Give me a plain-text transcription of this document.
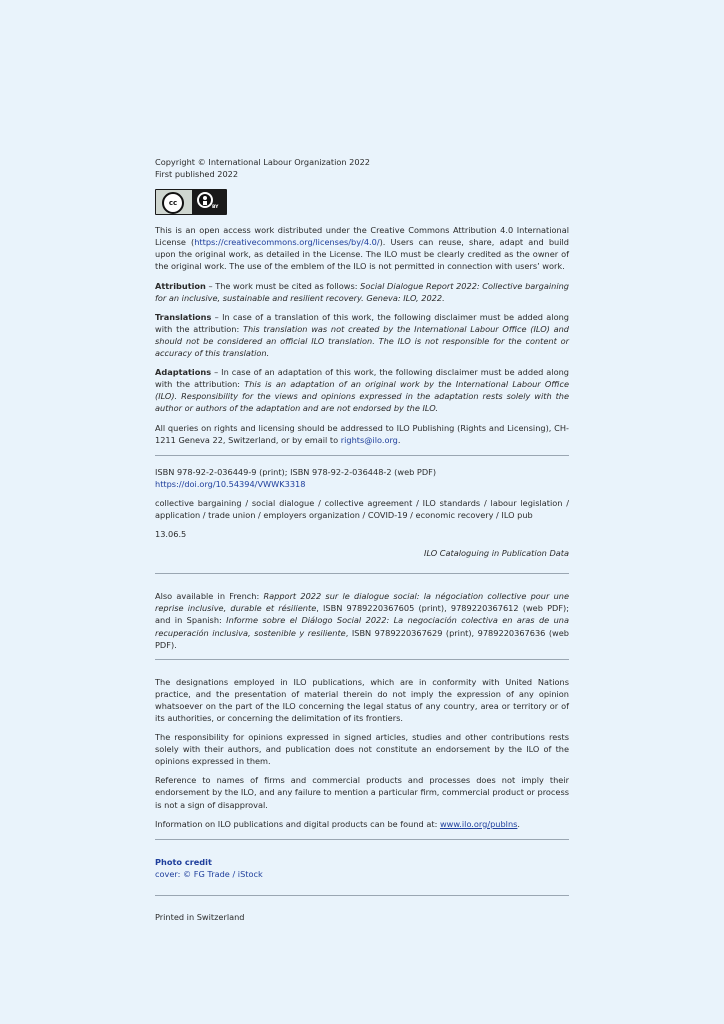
Copyright © International Labour Organization 2022

First published 2022

cc
BY

This is an open access work distributed under the Creative Commons Attribution 4.0 International License (https://creativecommons.org/licenses/by/4.0/). Users can reuse, share, adapt and build upon the original work, as detailed in the License. The ILO must be clearly credited as the owner of the original work. The use of the emblem of the ILO is not permitted in connection with users’ work.

Attribution – The work must be cited as follows: Social Dialogue Report 2022: Collective bargaining for an inclusive, sustainable and resilient recovery. Geneva: ILO, 2022.

Translations – In case of a translation of this work, the following disclaimer must be added along with the attribution: This translation was not created by the International Labour Office (ILO) and should not be considered an official ILO translation. The ILO is not responsible for the content or accuracy of this translation.

Adaptations – In case of an adaptation of this work, the following disclaimer must be added along with the attribution: This is an adaptation of an original work by the International Labour Office (ILO). Responsibility for the views and opinions expressed in the adaptation rests solely with the author or authors of the adaptation and are not endorsed by the ILO.

All queries on rights and licensing should be addressed to ILO Publishing (Rights and Licensing), CH-1211 Geneva 22, Switzerland, or by email to rights@ilo.org.

ISBN 978-92-2-036449-9 (print); ISBN 978-92-2-036448-2 (web PDF)

https://doi.org/10.54394/VWWK3318

collective bargaining / social dialogue / collective agreement / ILO standards / labour legislation / application / trade union / employers organization / COVID-19 / economic recovery / ILO pub

13.06.5

ILO Cataloguing in Publication Data

Also available in French: Rapport 2022 sur le dialogue social: la négociation collective pour une reprise inclusive, durable et résiliente, ISBN 9789220367605 (print), 9789220367612 (web PDF); and in Spanish: Informe sobre el Diálogo Social 2022: La negociación colectiva en aras de una recuperación inclusiva, sostenible y resiliente, ISBN 9789220367629 (print), 9789220367636 (web PDF).

The designations employed in ILO publications, which are in conformity with United Nations practice, and the presentation of material therein do not imply the expression of any opinion whatsoever on the part of the ILO concerning the legal status of any country, area or territory or of its authorities, or concerning the delimitation of its frontiers.

The responsibility for opinions expressed in signed articles, studies and other contributions rests solely with their authors, and publication does not constitute an endorsement by the ILO of the opinions expressed in them.

Reference to names of firms and commercial products and processes does not imply their endorsement by the ILO, and any failure to mention a particular firm, commercial product or process is not a sign of disapproval.

Information on ILO publications and digital products can be found at: www.ilo.org/publns.

Photo credit

cover: © FG Trade / iStock

Printed in Switzerland
